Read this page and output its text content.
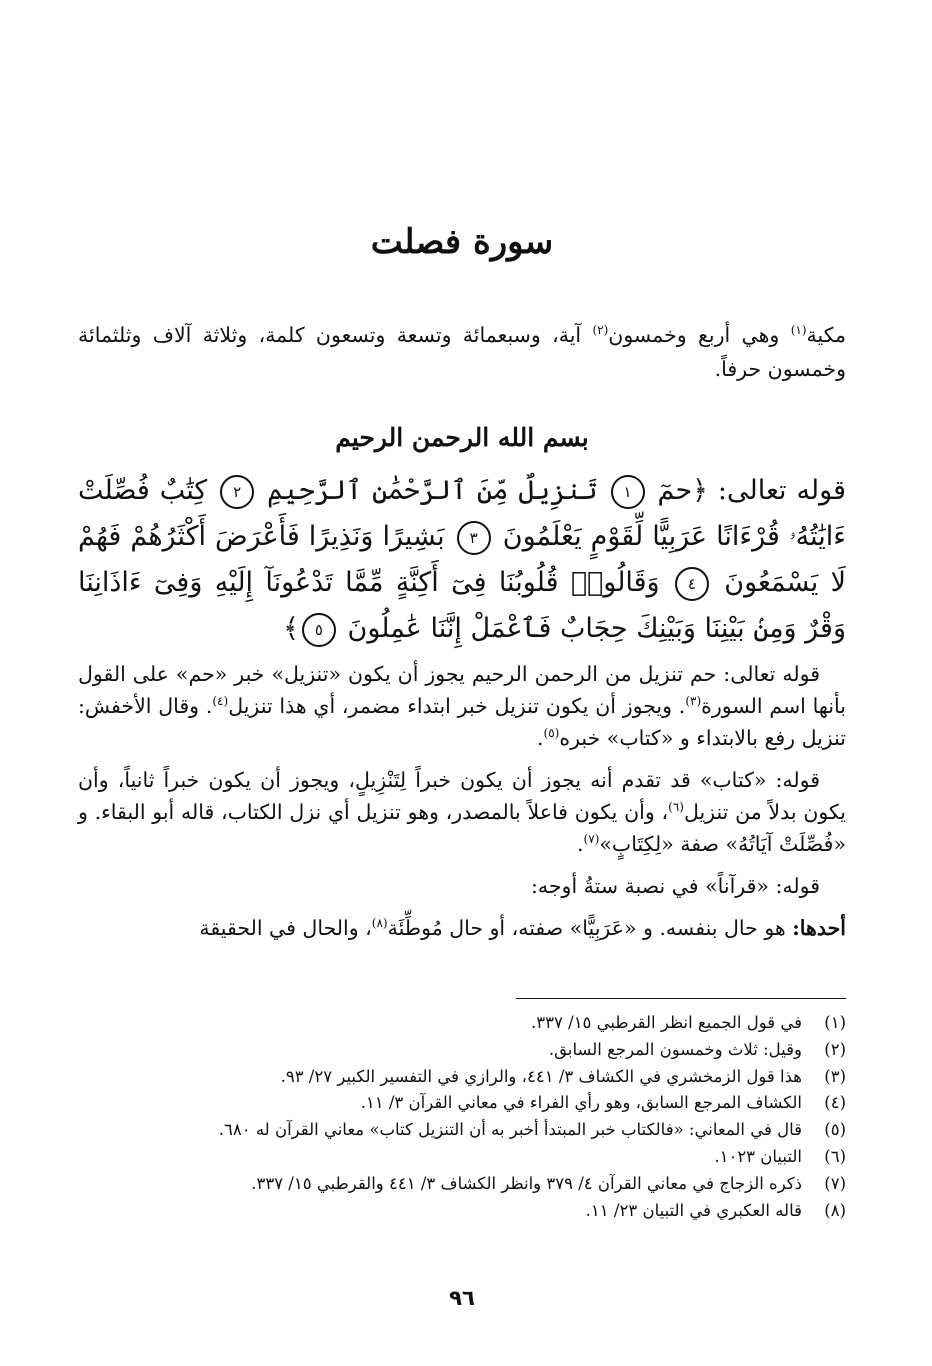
سورة فصلت

مكية$^{(١)}$ وهي أربع وخمسون$^{(٢)}$ آية، وسبعمائة وتسعة وتسعون كلمة، وثلاثة آلاف وثلثمائة وخمسون حرفاً.

بسم الله الرحمن الرحيم

قوله تعالى: ﴿حمٓ ١ تَنزِيلٌ مِّنَ ٱلرَّحْمَٰنِ ٱلرَّحِيمِ ٢ كِتَٰبٌ فُصِّلَتْ ءَايَٰتُهُۥ قُرْءَانًا عَرَبِيًّا لِّقَوْمٍ يَعْلَمُونَ ٣ بَشِيرًا وَنَذِيرًا فَأَعْرَضَ أَكْثَرُهُمْ فَهُمْ لَا يَسْمَعُونَ ٤ وَقَالُوا۟ قُلُوبُنَا فِىٓ أَكِنَّةٍ مِّمَّا تَدْعُونَآ إِلَيْهِ وَفِىٓ ءَاذَانِنَا وَقْرٌ وَمِنۢ بَيْنِنَا وَبَيْنِكَ حِجَابٌ فَٱعْمَلْ إِنَّنَا عَٰمِلُونَ ٥﴾

قوله تعالى: حم تنزيل من الرحمن الرحيم يجوز أن يكون «تنزيل» خبر «حم» على القول بأنها اسم السورة$^{(٣)}$. ويجوز أن يكون تنزيل خبر ابتداء مضمر، أي هذا تنزيل$^{(٤)}$. وقال الأخفش: تنزيل رفع بالابتداء و «كتاب» خبره$^{(٥)}$.

قوله: «كتاب» قد تقدم أنه يجوز أن يكون خبراً لِتَنْزِيلٍ، ويجوز أن يكون خبراً ثانياً، وأن يكون بدلاً من تنزيل$^{(٦)}$، وأن يكون فاعلاً بالمصدر، وهو تنزيل أي نزل الكتاب، قاله أبو البقاء. و «فُصِّلَتْ آيَاتُهُ» صفة «لِكِتَابٍ»$^{(٧)}$.

قوله: «قرآناً» في نصبة ستةُ أوجه:

أحدها: هو حال بنفسه. و «عَرَبِيًّا» صفته، أو حال مُوطِّئَة$^{(٨)}$، والحال في الحقيقة

(١)
في قول الجميع انظر القرطبي ١٥/ ٣٣٧.
(٢)
وقيل: ثلاث وخمسون المرجع السابق.
(٣)
هذا قول الزمخشري في الكشاف ٣/ ٤٤١، والرازي في التفسير الكبير ٢٧/ ٩٣.
(٤)
الكشاف المرجع السابق، وهو رأي الفراء في معاني القرآن ٣/ ١١.
(٥)
قال في المعاني: «فالكتاب خبر المبتدأ أخبر به أن التنزيل كتاب» معاني القرآن له ٦٨٠.
(٦)
التبيان ١٠٢٣.
(٧)
ذكره الزجاج في معاني القرآن ٤/ ٣٧٩ وانظر الكشاف ٣/ ٤٤١ والقرطبي ١٥/ ٣٣٧.
(٨)
قاله العكبري في التبيان ٢٣/ ١١.
٩٦
